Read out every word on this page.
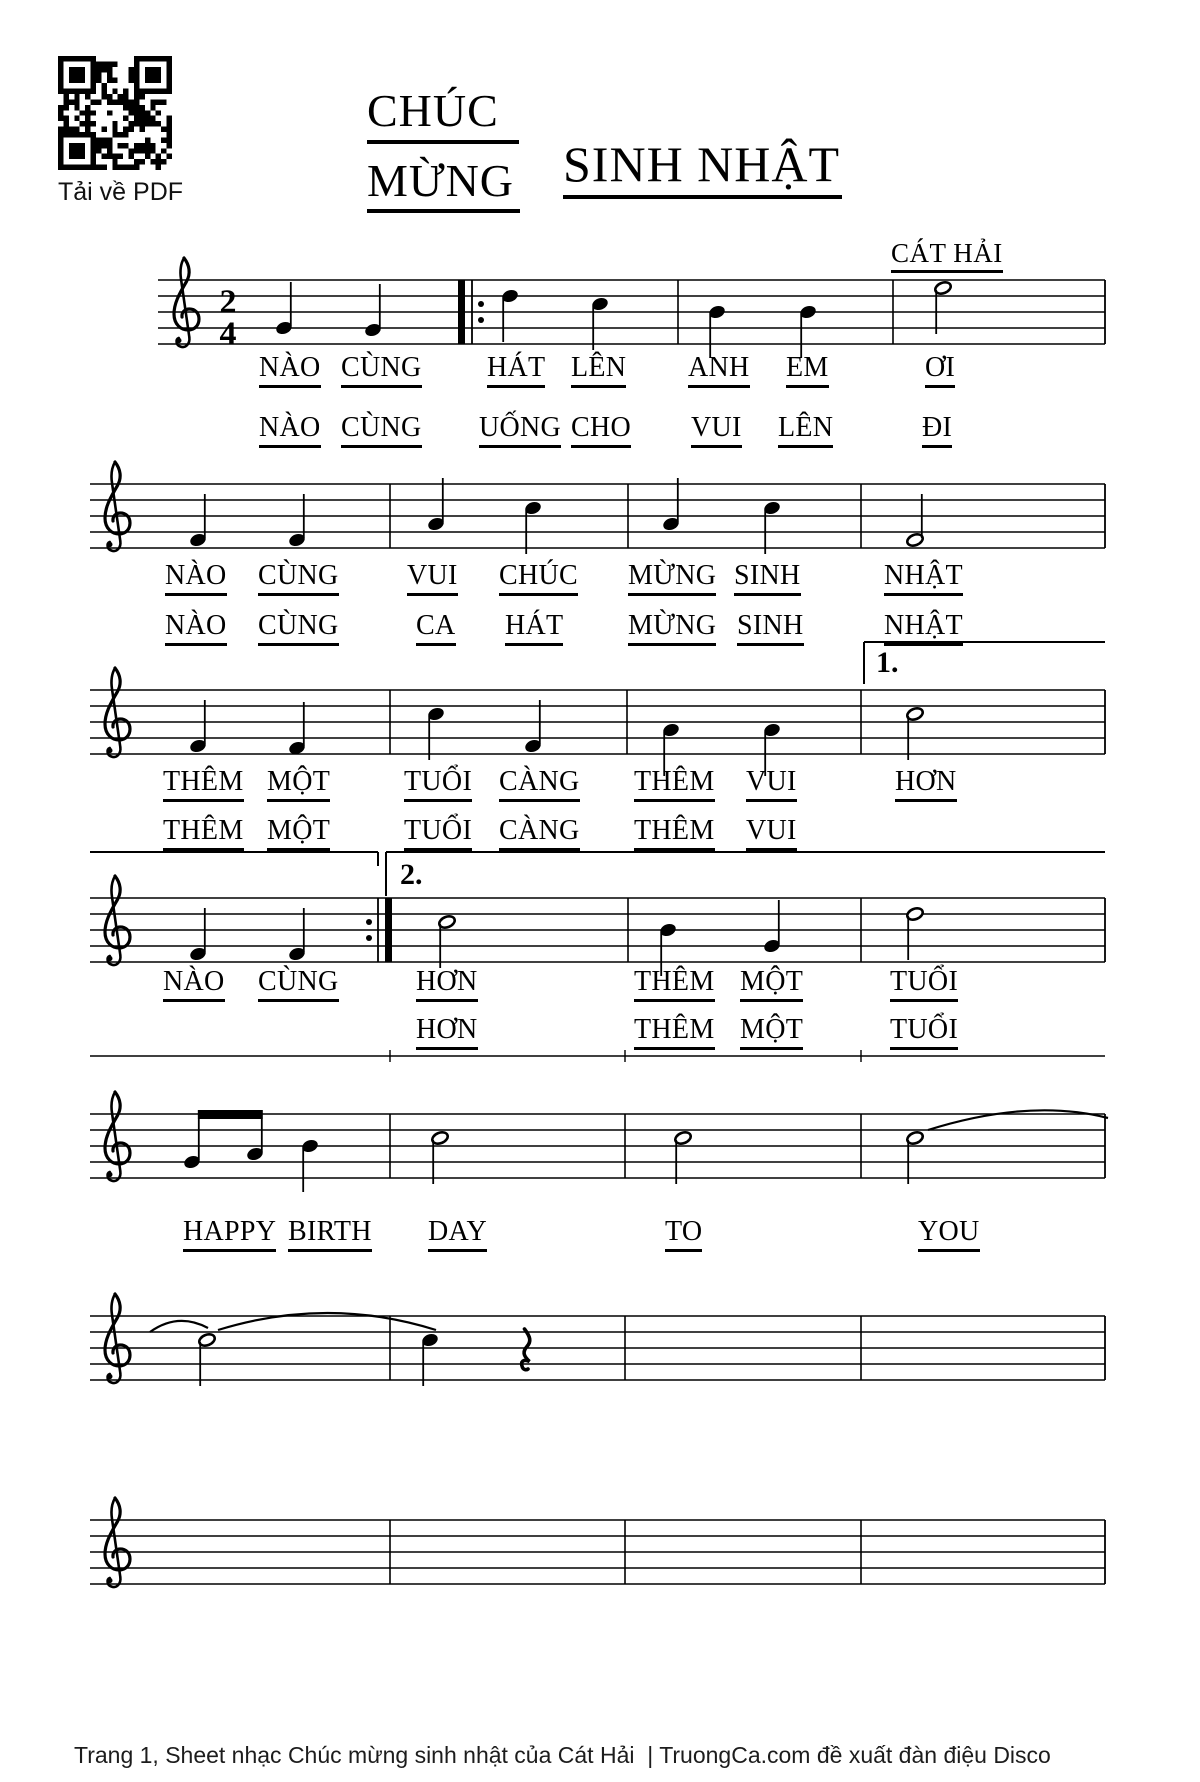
Tải về PDF
CHÚC
MỪNG SINH NHẬT
CÁT HẢI
2
4
1.
2.
NÀO CÙNG HÁT LÊN ANH EM	ƠI
NÀO CÙNG UỐNG CHO VUI LÊN	ĐI
NÀO CÙNG VUI CHÚC MỪNG SINH	NHẬT
NÀO CÙNG	CA HÁT MỪNG SINH	NHẬT
THÊM MỘT	TUỔI CÀNG THÊM VUI	HƠN
THÊM MỘT	TUỔI CÀNG THÊM VUI
NÀO CÙNG	HƠN	THÊM MỘT	TUỔI
HƠN	THÊM MỘT	TUỔI
HAPPY BIRTH DAY	TO	YOU
Trang 1, Sheet nhạc Chúc mừng sinh nhật của Cát Hải  | TruongCa.com đề xuất đàn điệu Disco
